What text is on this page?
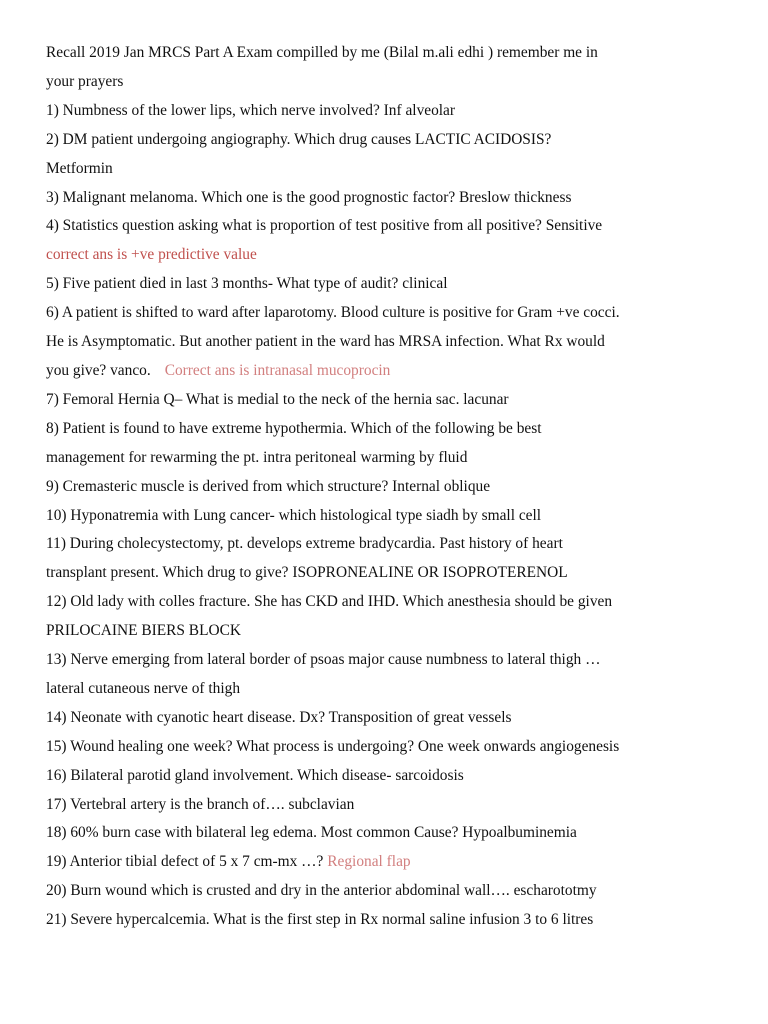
Recall 2019 Jan MRCS Part A Exam compilled by me (Bilal m.ali edhi ) remember me in
your prayers
1) Numbness of the lower lips, which nerve involved? Inf alveolar
2) DM patient undergoing angiography. Which drug causes LACTIC ACIDOSIS?
Metformin
3) Malignant melanoma. Which one is the good prognostic factor? Breslow thickness
4) Statistics question asking what is proportion of test positive from all positive? Sensitive
correct ans is +ve predictive value
5) Five patient died in last 3 months- What type of audit? clinical
6) A patient is shifted to ward after laparotomy. Blood culture is positive for Gram +ve cocci.
He is Asymptomatic. But another patient in the ward has MRSA infection. What Rx would
you give? vanco. Correct ans is intranasal mucoprocin
7) Femoral Hernia Q– What is medial to the neck of the hernia sac. lacunar
8) Patient is found to have extreme hypothermia. Which of the following be best
management for rewarming the pt. intra peritoneal warming by fluid
9) Cremasteric muscle is derived from which structure? Internal oblique
10) Hyponatremia with Lung cancer- which histological type siadh by small cell
11) During cholecystectomy, pt. develops extreme bradycardia. Past history of heart
transplant present. Which drug to give? ISOPRONEALINE OR ISOPROTERENOL
12) Old lady with colles fracture. She has CKD and IHD. Which anesthesia should be given
PRILOCAINE BIERS BLOCK
13) Nerve emerging from lateral border of psoas major cause numbness to lateral thigh …
lateral cutaneous nerve of thigh
14) Neonate with cyanotic heart disease. Dx? Transposition of great vessels
15) Wound healing one week? What process is undergoing? One week onwards angiogenesis
16) Bilateral parotid gland involvement. Which disease- sarcoidosis
17) Vertebral artery is the branch of…. subclavian
18) 60% burn case with bilateral leg edema. Most common Cause? Hypoalbuminemia
19) Anterior tibial defect of 5 x 7 cm-mx …? Regional flap
20) Burn wound which is crusted and dry in the anterior abdominal wall…. escharototmy
21) Severe hypercalcemia. What is the first step in Rx normal saline infusion 3 to 6 litres
